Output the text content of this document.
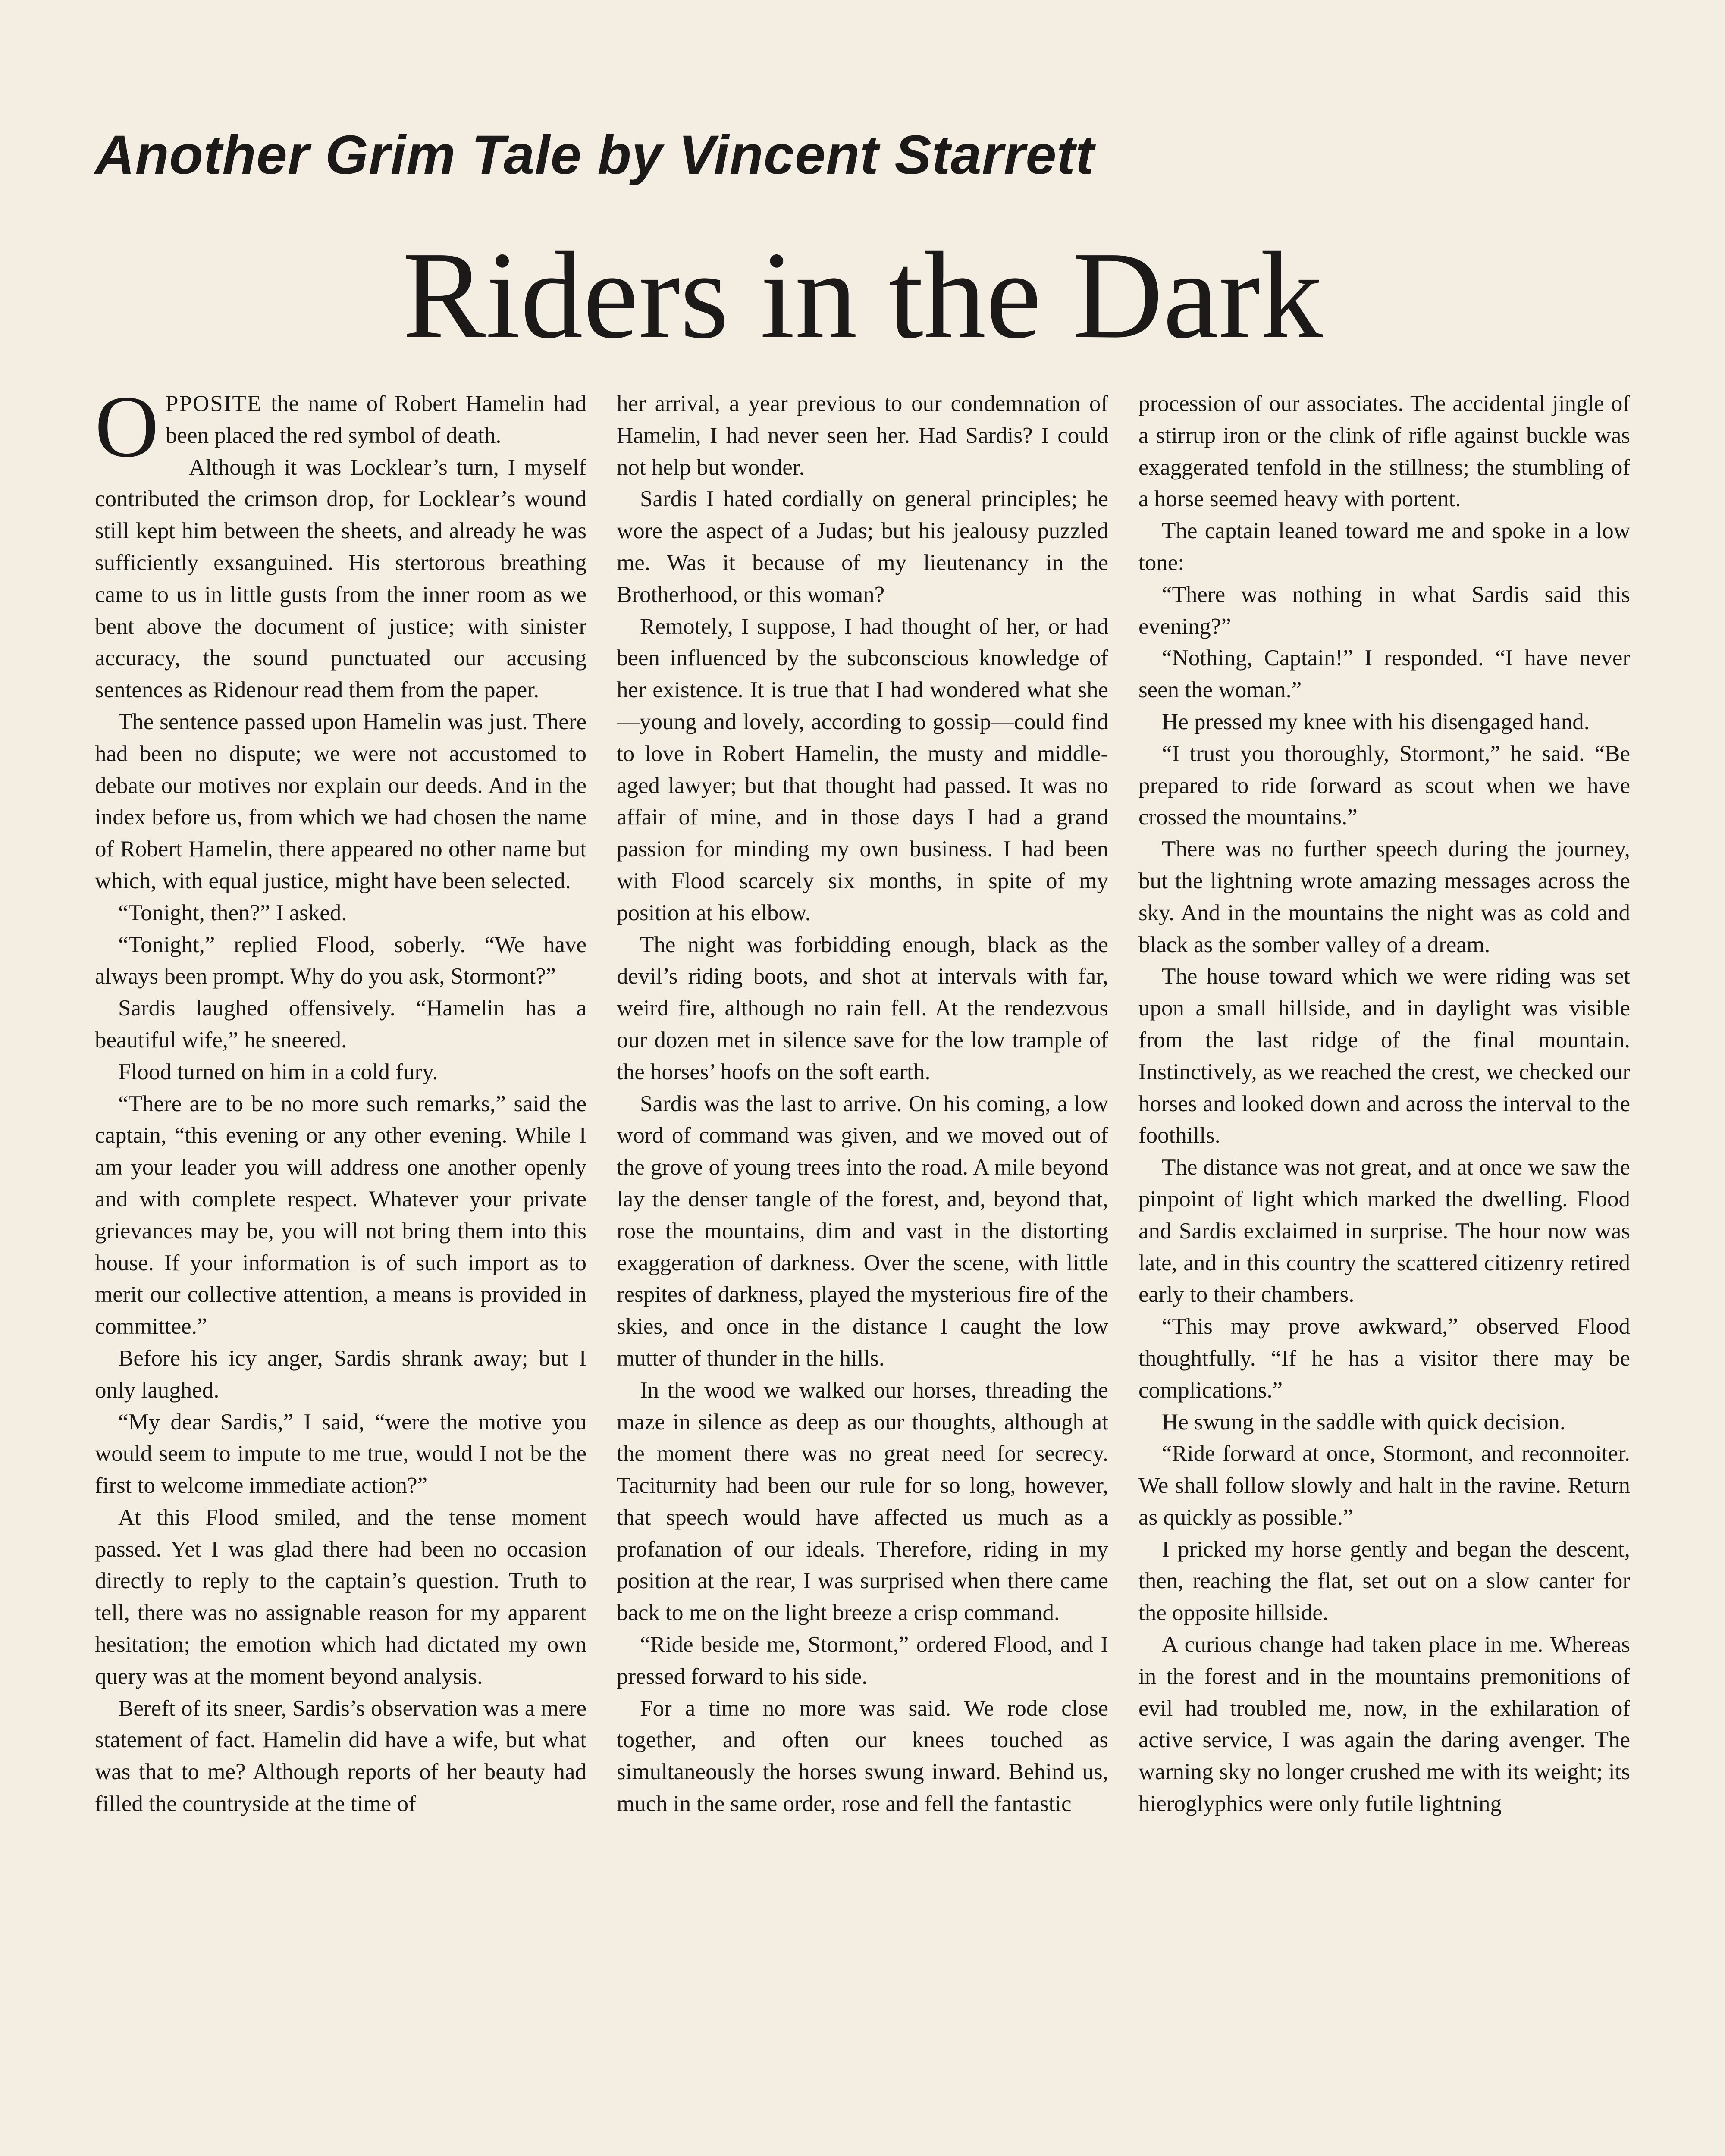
Another Grim Tale by Vincent Starrett
Riders in the Dark

OPPOSITE the name of Robert Hamelin had been placed the red symbol of death.

Although it was Locklear’s turn, I myself contributed the crimson drop, for Locklear’s wound still kept him between the sheets, and already he was sufficiently exsanguined. His stertorous breathing came to us in little gusts from the inner room as we bent above the document of justice; with sinister accuracy, the sound punctuated our accusing sentences as Ridenour read them from the paper.

The sentence passed upon Hamelin was just. There had been no dispute; we were not accustomed to debate our motives nor explain our deeds. And in the index before us, from which we had chosen the name of Robert Hamelin, there appeared no other name but which, with equal justice, might have been selected.

“Tonight, then?” I asked.

“Tonight,” replied Flood, soberly. “We have always been prompt. Why do you ask, Stormont?”

Sardis laughed offensively. “Hamelin has a beautiful wife,” he sneered.

Flood turned on him in a cold fury.

“There are to be no more such remarks,” said the captain, “this evening or any other evening. While I am your leader you will address one another openly and with complete respect. Whatever your private grievances may be, you will not bring them into this house. If your information is of such import as to merit our collective attention, a means is provided in committee.”

Before his icy anger, Sardis shrank away; but I only laughed.

“My dear Sardis,” I said, “were the motive you would seem to impute to me true, would I not be the first to welcome immediate action?”

At this Flood smiled, and the tense moment passed. Yet I was glad there had been no occasion directly to reply to the captain’s question. Truth to tell, there was no assignable reason for my apparent hesitation; the emotion which had dictated my own query was at the moment beyond analysis.

Bereft of its sneer, Sardis’s observation was a mere statement of fact. Hamelin did have a wife, but what was that to me? Although reports of her beauty had filled the countryside at the time of

her arrival, a year previous to our condemnation of Hamelin, I had never seen her. Had Sardis? I could not help but wonder.

Sardis I hated cordially on general principles; he wore the aspect of a Judas; but his jealousy puzzled me. Was it because of my lieutenancy in the Brotherhood, or this woman?

Remotely, I suppose, I had thought of her, or had been influenced by the subconscious knowledge of her existence. It is true that I had wondered what she—young and lovely, according to gossip—could find to love in Robert Hamelin, the musty and middle-aged lawyer; but that thought had passed. It was no affair of mine, and in those days I had a grand passion for minding my own business. I had been with Flood scarcely six months, in spite of my position at his elbow.

The night was forbidding enough, black as the devil’s riding boots, and shot at intervals with far, weird fire, although no rain fell. At the rendezvous our dozen met in silence save for the low trample of the horses’ hoofs on the soft earth.

Sardis was the last to arrive. On his coming, a low word of command was given, and we moved out of the grove of young trees into the road. A mile beyond lay the denser tangle of the forest, and, beyond that, rose the mountains, dim and vast in the distorting exaggeration of darkness. Over the scene, with little respites of darkness, played the mysterious fire of the skies, and once in the distance I caught the low mutter of thunder in the hills.

In the wood we walked our horses, threading the maze in silence as deep as our thoughts, although at the moment there was no great need for secrecy. Taciturnity had been our rule for so long, however, that speech would have affected us much as a profanation of our ideals. Therefore, riding in my position at the rear, I was surprised when there came back to me on the light breeze a crisp command.

“Ride beside me, Stormont,” ordered Flood, and I pressed forward to his side.

For a time no more was said. We rode close together, and often our knees touched as simultaneously the horses swung inward. Behind us, much in the same order, rose and fell the fantastic

procession of our associates. The accidental jingle of a stirrup iron or the clink of rifle against buckle was exaggerated tenfold in the stillness; the stumbling of a horse seemed heavy with portent.

The captain leaned toward me and spoke in a low tone:

“There was nothing in what Sardis said this evening?”

“Nothing, Captain!” I responded. “I have never seen the woman.”

He pressed my knee with his disengaged hand.

“I trust you thoroughly, Stormont,” he said. “Be prepared to ride forward as scout when we have crossed the mountains.”

There was no further speech during the journey, but the lightning wrote amazing messages across the sky. And in the mountains the night was as cold and black as the somber valley of a dream.

The house toward which we were riding was set upon a small hillside, and in daylight was visible from the last ridge of the final mountain. Instinctively, as we reached the crest, we checked our horses and looked down and across the interval to the foothills.

The distance was not great, and at once we saw the pinpoint of light which marked the dwelling. Flood and Sardis exclaimed in surprise. The hour now was late, and in this country the scattered citizenry retired early to their chambers.

“This may prove awkward,” observed Flood thoughtfully. “If he has a visitor there may be complications.”

He swung in the saddle with quick decision.

“Ride forward at once, Stormont, and reconnoiter. We shall follow slowly and halt in the ravine. Return as quickly as possible.”

I pricked my horse gently and began the descent, then, reaching the flat, set out on a slow canter for the opposite hillside.

A curious change had taken place in me. Whereas in the forest and in the mountains premonitions of evil had troubled me, now, in the exhilaration of active service, I was again the daring avenger. The warning sky no longer crushed me with its weight; its hieroglyphics were only futile lightning
